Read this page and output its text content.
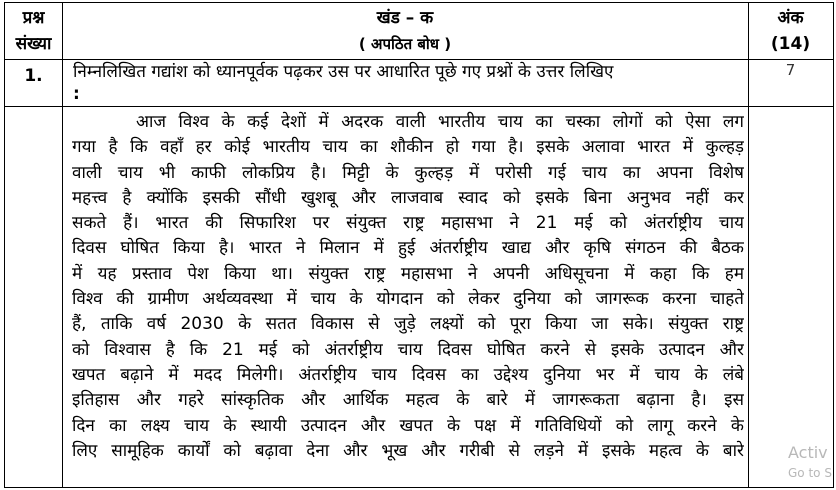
प्रश्न
संख्या
खंड – क
( अपठित बोध )
अंक
(14)
1.	निम्नलिखित गद्यांश को ध्यानपूर्वक पढ़कर उस पर आधारित पूछे गए प्रश्नों के उत्तर लिखिए
:
7
आज विश्व के कई देशों में अदरक वाली भारतीय चाय का चस्का लोगों को ऐसा लग
गया है कि वहाँ हर कोई भारतीय चाय का शौकीन हो गया है। इसके अलावा भारत में कुल्हड़
वाली चाय भी काफी लोकप्रिय है। मिट्टी के कुल्हड़ में परोसी गई चाय का अपना विशेष
महत्त्व है क्योंकि इसकी सौंधी खुशबू और लाजवाब स्वाद को इसके बिना अनुभव नहीं कर
सकते हैं। भारत की सिफारिश पर संयुक्त राष्ट्र महासभा ने 21 मई को अंतर्राष्ट्रीय चाय
दिवस घोषित किया है। भारत ने मिलान में हुई अंतर्राष्ट्रीय खाद्य और कृषि संगठन की बैठक
में यह प्रस्ताव पेश किया था। संयुक्त राष्ट्र महासभा ने अपनी अधिसूचना में कहा कि हम
विश्व की ग्रामीण अर्थव्यवस्था में चाय के योगदान को लेकर दुनिया को जागरूक करना चाहते
हैं, ताकि वर्ष 2030 के सतत विकास से जुड़े लक्ष्यों को पूरा किया जा सके। संयुक्त राष्ट्र
को विश्वास है कि 21 मई को अंतर्राष्ट्रीय चाय दिवस घोषित करने से इसके उत्पादन और
खपत बढ़ाने में मदद मिलेगी। अंतर्राष्ट्रीय चाय दिवस का उद्देश्य दुनिया भर में चाय के लंबे
इतिहास और गहरे सांस्कृतिक और आर्थिक महत्व के बारे में जागरूकता बढ़ाना है। इस
दिन का लक्ष्य चाय के स्थायी उत्पादन और खपत के पक्ष में गतिविधियों को लागू करने के
लिए सामूहिक कार्यों को बढ़ावा देना और भूख और गरीबी से लड़ने में इसके महत्व के बारे	Activ
Go to S
